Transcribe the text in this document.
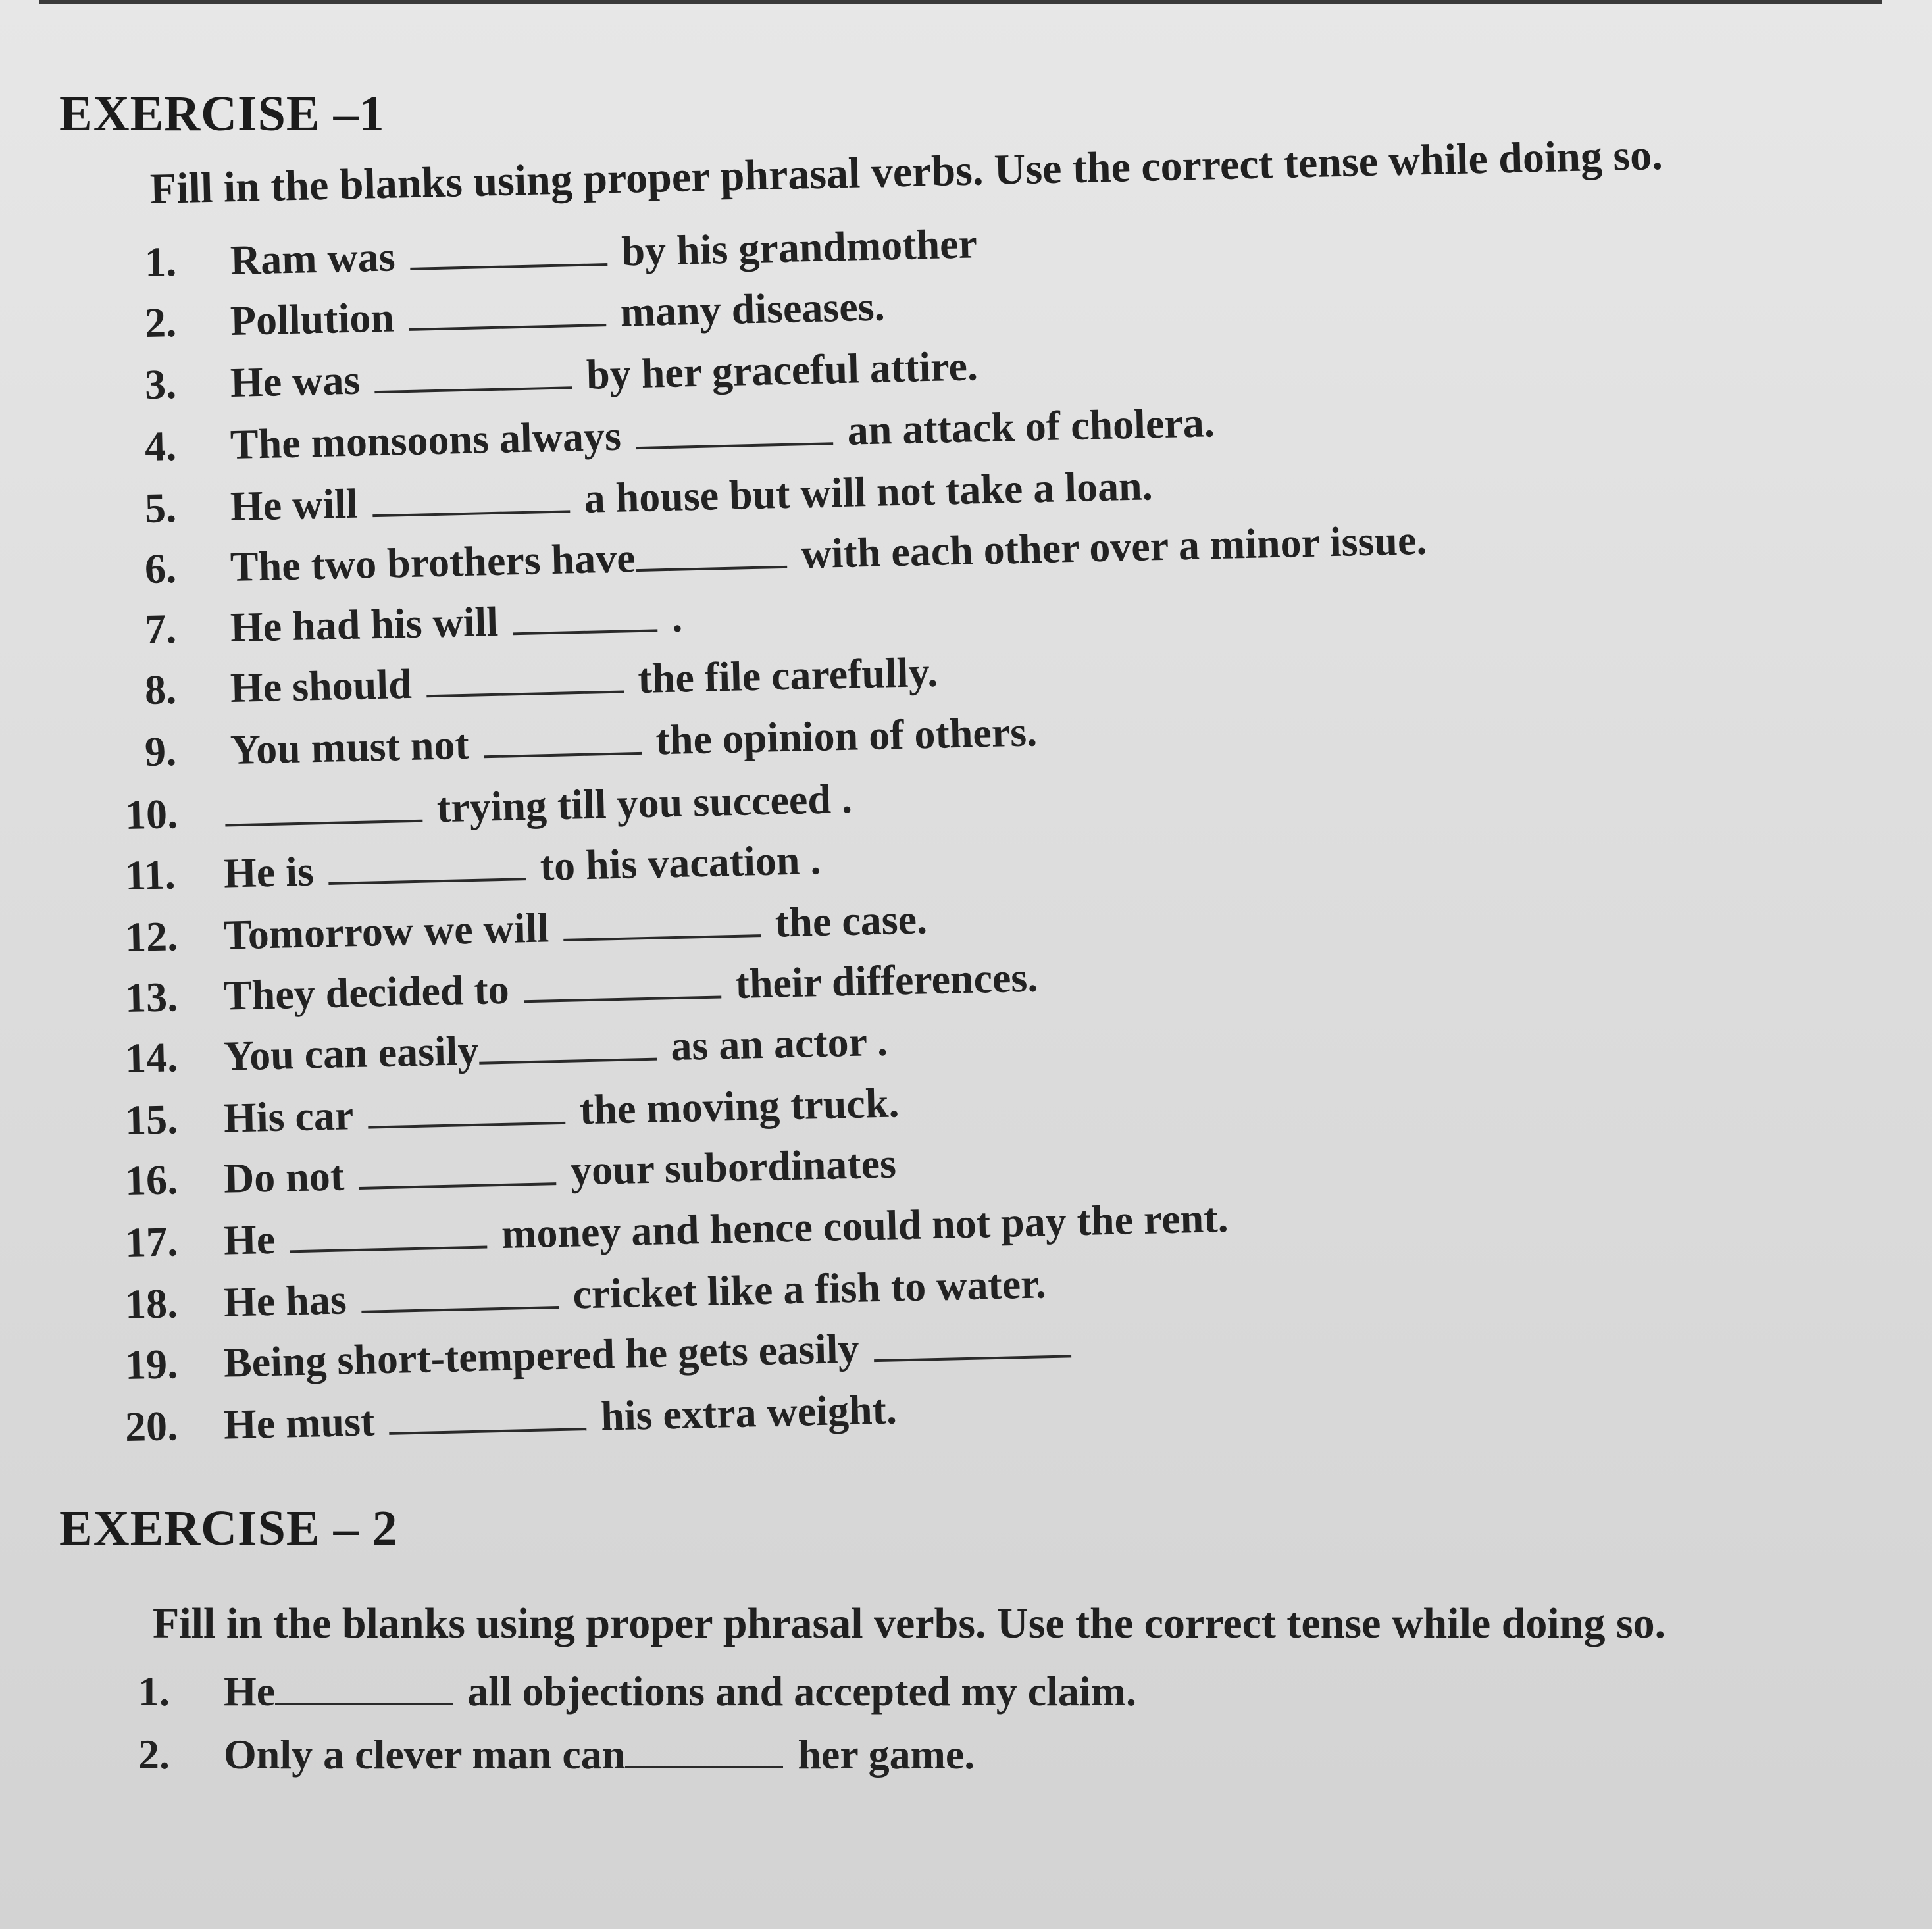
EXERCISE –1
Fill in the blanks using proper phrasal verbs. Use the correct tense while doing so.
1. Ram was	by his grandmother
2. Pollution	many diseases.
3. He was	by her graceful attire.
4. The monsoons always	an attack of cholera.
5. He will	a house but will not take a loan.
6. The two brothers have	with each other over a minor issue.
7. He had his will	.
8. He should	the file carefully.
9. You must not	the opinion of others.
10.	trying till you succeed .
11. He is	to his vacation .
12. Tomorrow we will	the case.
13. They decided to	their differences.
14. You can easily	as an actor .
15. His car	the moving truck.
16. Do not	your subordinates
17. He	money and hence could not pay the rent.
18. He has	cricket like a fish to water.
19. Being short-tempered he gets easily
20. He must	his extra weight.
EXERCISE – 2
Fill in the blanks using proper phrasal verbs. Use the correct tense while doing so.
1. He	all objections and accepted my claim.
2. Only a clever man can	her game.
